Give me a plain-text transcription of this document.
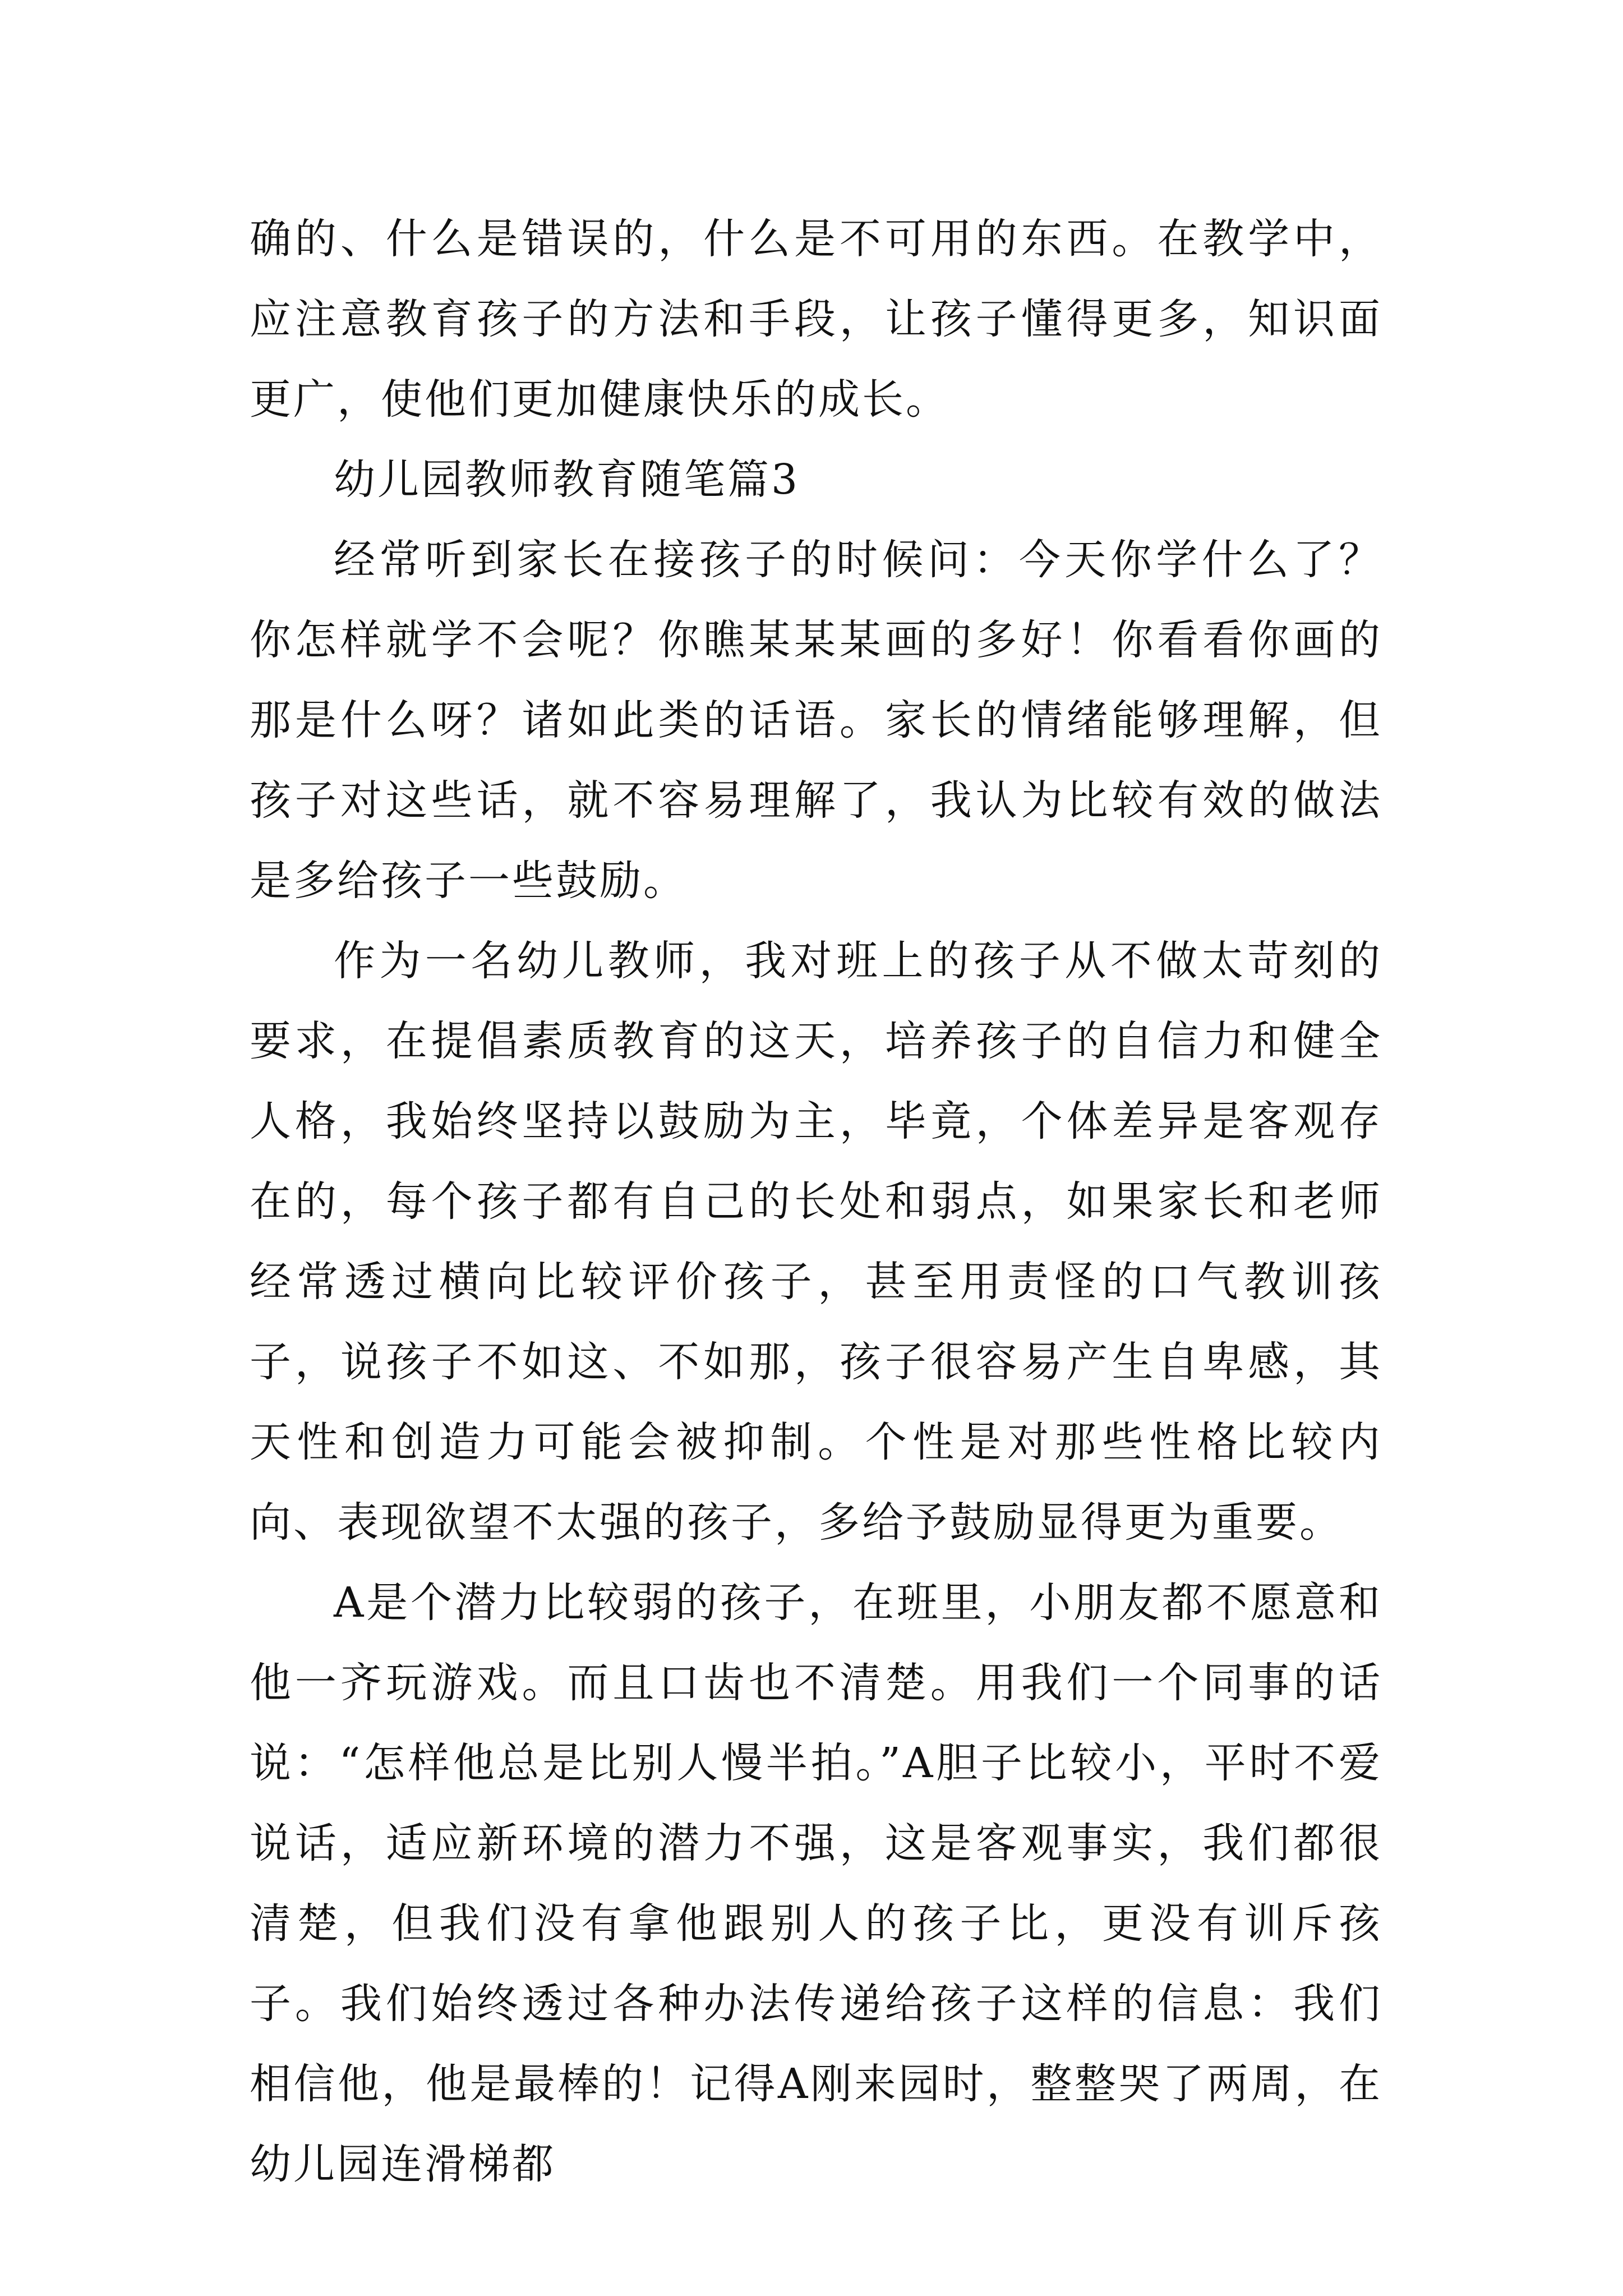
确的、什么是错误的，什么是不可用的东西。在教学中，应注意教育孩子的方法和手段，让孩子懂得更多，知识面更广，使他们更加健康快乐的成长。

幼儿园教师教育随笔篇3

经常听到家长在接孩子的时候问：今天你学什么了？你怎样就学不会呢？你瞧某某某画的多好！你看看你画的那是什么呀？诸如此类的话语。家长的情绪能够理解，但孩子对这些话，就不容易理解了，我认为比较有效的做法是多给孩子一些鼓励。

作为一名幼儿教师，我对班上的孩子从不做太苛刻的要求，在提倡素质教育的这天，培养孩子的自信力和健全人格，我始终坚持以鼓励为主，毕竟，个体差异是客观存在的，每个孩子都有自己的长处和弱点，如果家长和老师经常透过横向比较评价孩子，甚至用责怪的口气教训孩子，说孩子不如这、不如那，孩子很容易产生自卑感，其天性和创造力可能会被抑制。个性是对那些性格比较内向、表现欲望不太强的孩子，多给予鼓励显得更为重要。

A是个潜力比较弱的孩子，在班里，小朋友都不愿意和他一齐玩游戏。而且口齿也不清楚。用我们一个同事的话说：“怎样他总是比别人慢半拍。”A胆子比较小，平时不爱说话，适应新环境的潜力不强，这是客观事实，我们都很清楚，但我们没有拿他跟别人的孩子比，更没有训斥孩子。我们始终透过各种办法传递给孩子这样的信息：我们相信他，他是最棒的！记得A刚来园时，整整哭了两周，在幼儿园连滑梯都
